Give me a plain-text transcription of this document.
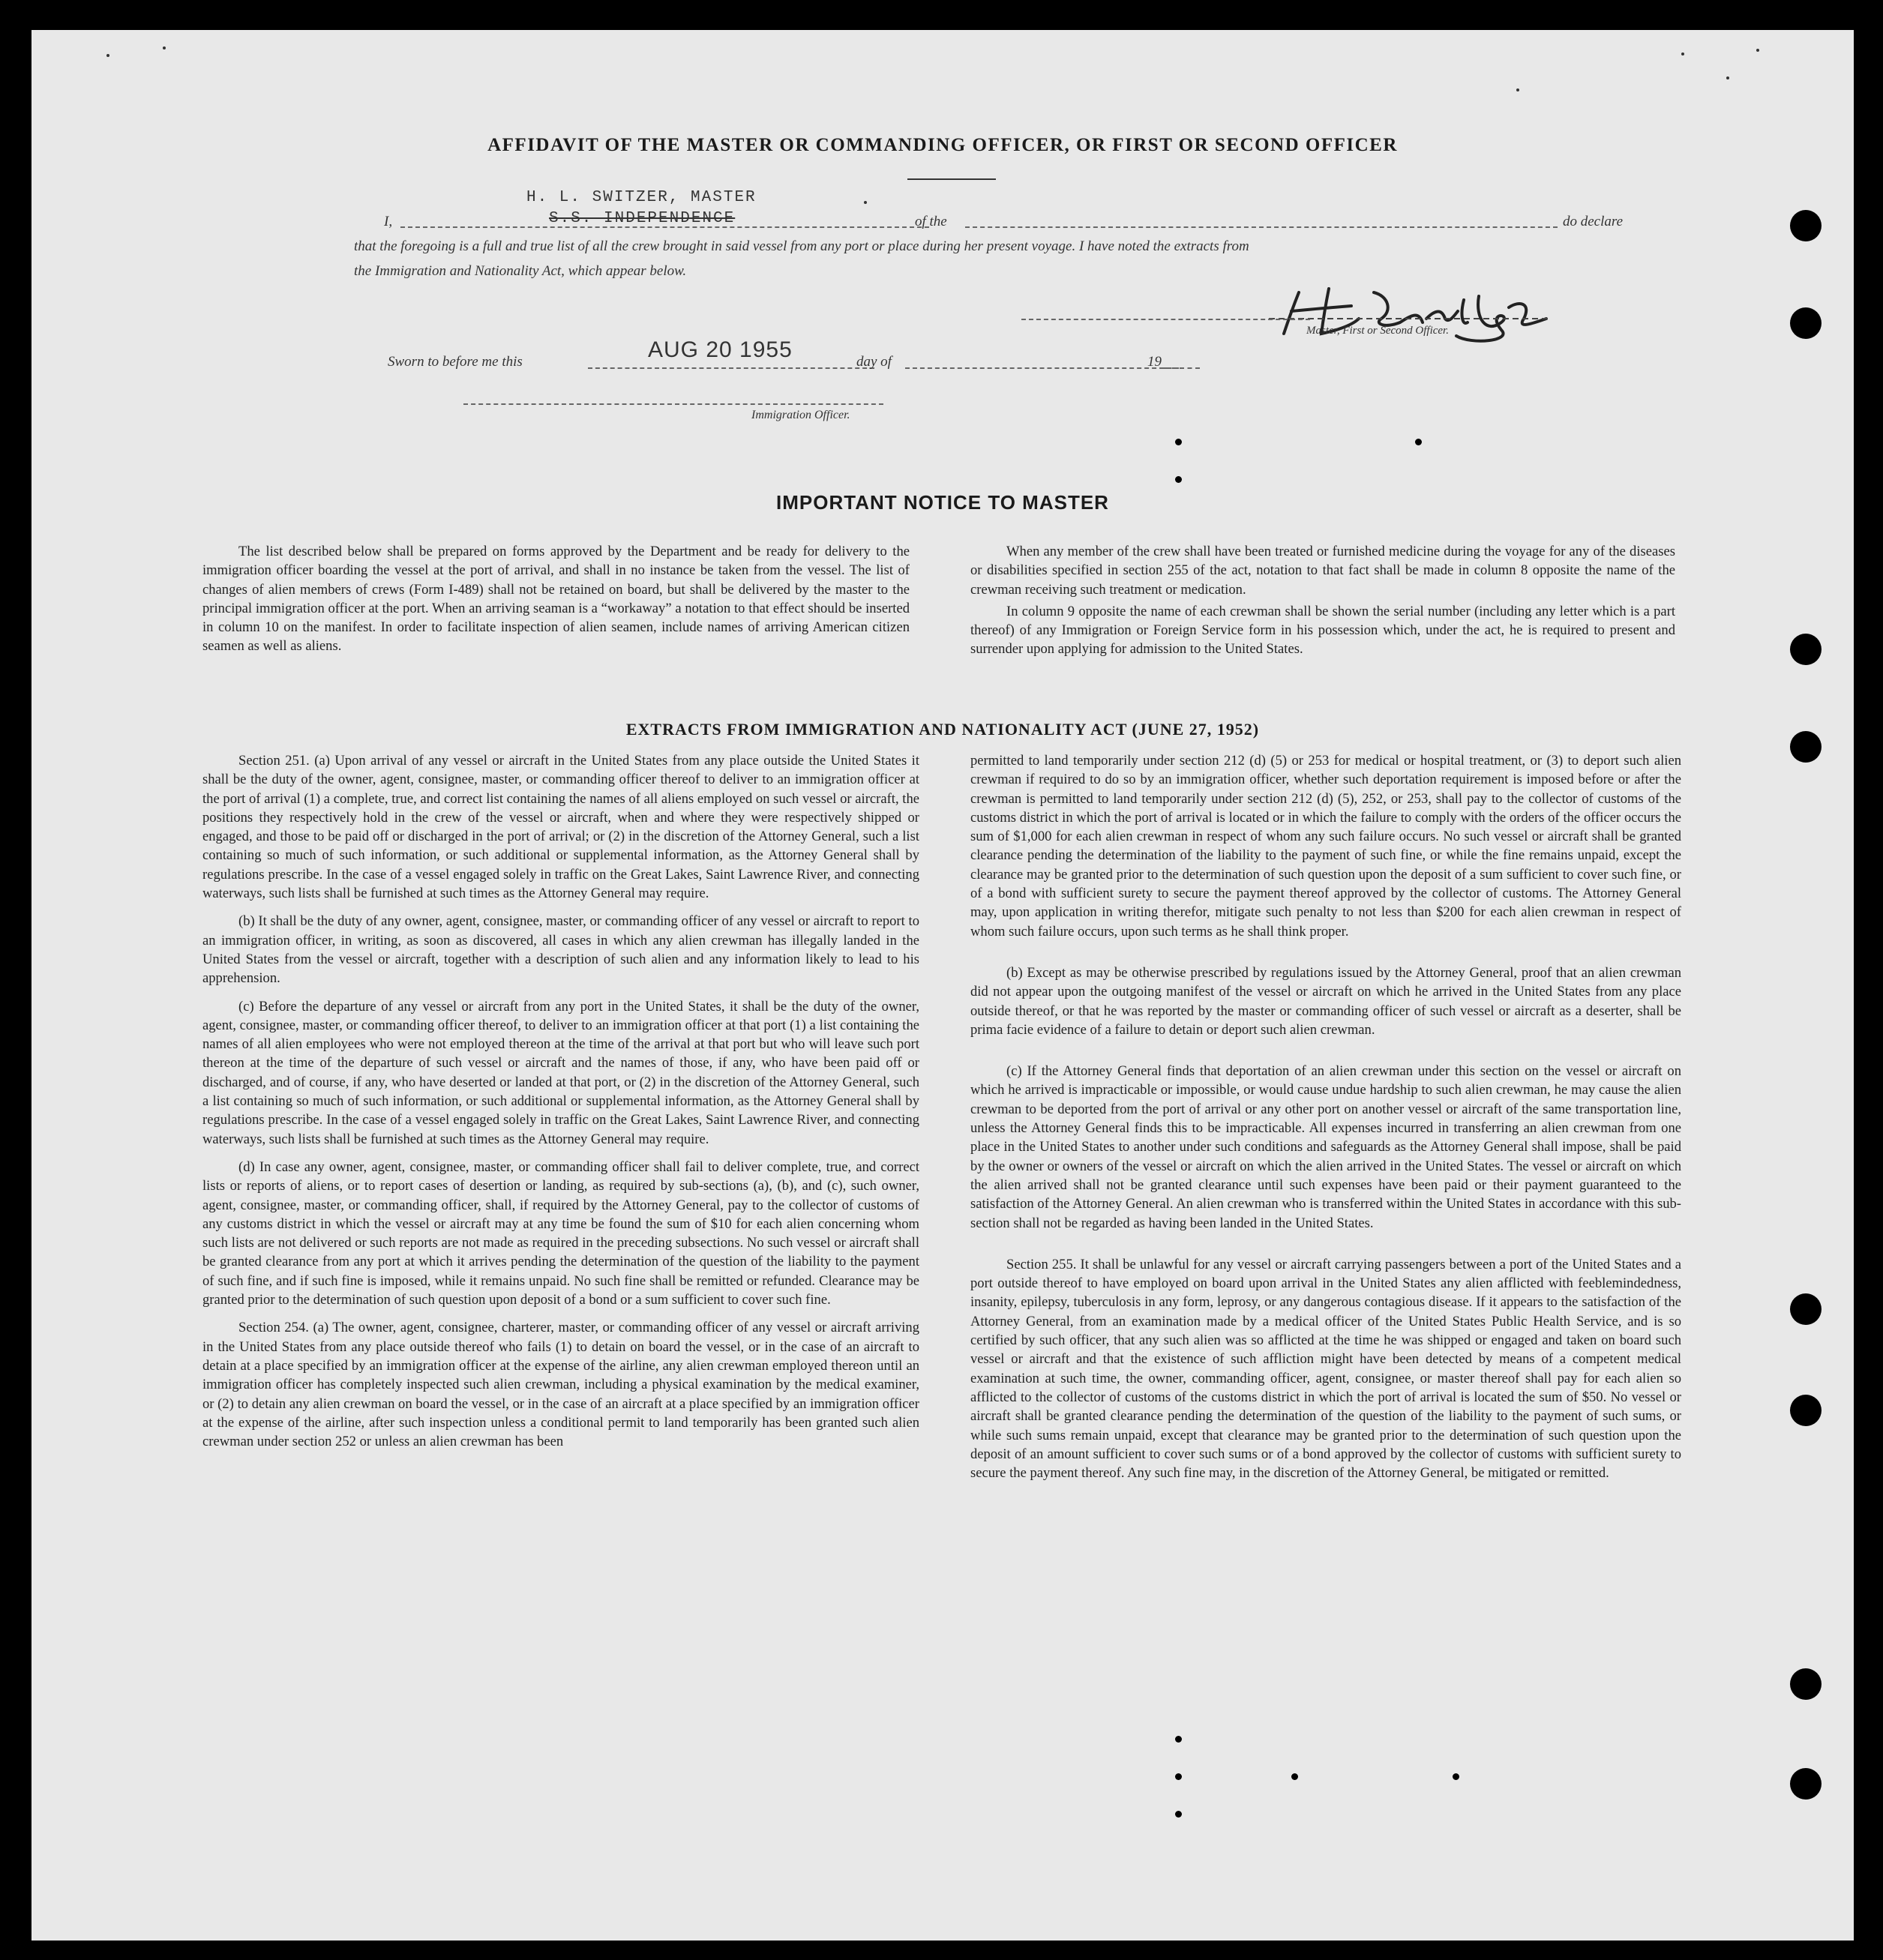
AFFIDAVIT OF THE MASTER OR COMMANDING OFFICER, OR FIRST OR SECOND OFFICER
I,
H. L. SWITZER, MASTER
S.S. INDEPENDENCE	of the	do declare
that the foregoing is a full and true list of all the crew brought in said vessel from any port or place during her present voyage. I have noted the extracts from
the Immigration and Nationality Act, which appear below.
Master, First or Second Officer.
Sworn to before me this	AUG 20 1955	day of	19
Immigration Officer.
IMPORTANT NOTICE TO MASTER

The list described below shall be prepared on forms approved by the Department and be ready for delivery to the immigration officer boarding the vessel at the port of arrival, and shall in no instance be taken from the vessel. The list of changes of alien members of crews (Form I-489) shall not be retained on board, but shall be delivered by the master to the principal immigration officer at the port. When an arriving seaman is a “workaway” a notation to that effect should be inserted in column 10 on the manifest. In order to facilitate inspection of alien seamen, include names of arriving American citizen seamen as well as aliens.

When any member of the crew shall have been treated or furnished medicine during the voyage for any of the diseases or disabilities specified in section 255 of the act, notation to that fact shall be made in column 8 opposite the name of the crewman receiving such treatment or medication.

In column 9 opposite the name of each crewman shall be shown the serial number (including any letter which is a part thereof) of any Immigration or Foreign Service form in his possession which, under the act, he is required to present and surrender upon applying for admission to the United States.

EXTRACTS FROM IMMIGRATION AND NATIONALITY ACT (JUNE 27, 1952)

Section 251. (a) Upon arrival of any vessel or aircraft in the United States from any place outside the United States it shall be the duty of the owner, agent, consignee, master, or commanding officer thereof to deliver to an immigration officer at the port of arrival (1) a complete, true, and correct list containing the names of all aliens employed on such vessel or aircraft, the positions they respectively hold in the crew of the vessel or aircraft, when and where they were respectively shipped or engaged, and those to be paid off or discharged in the port of arrival; or (2) in the discretion of the Attorney General, such a list containing so much of such information, or such additional or supplemental information, as the Attorney General shall by regulations prescribe. In the case of a vessel engaged solely in traffic on the Great Lakes, Saint Lawrence River, and connecting waterways, such lists shall be furnished at such times as the Attorney General may require.

(b) It shall be the duty of any owner, agent, consignee, master, or commanding officer of any vessel or aircraft to report to an immigration officer, in writing, as soon as discovered, all cases in which any alien crewman has illegally landed in the United States from the vessel or aircraft, together with a description of such alien and any information likely to lead to his apprehension.

(c) Before the departure of any vessel or aircraft from any port in the United States, it shall be the duty of the owner, agent, consignee, master, or commanding officer thereof, to deliver to an immigration officer at that port (1) a list containing the names of all alien employees who were not employed thereon at the time of the arrival at that port but who will leave such port thereon at the time of the departure of such vessel or aircraft and the names of those, if any, who have been paid off or discharged, and of course, if any, who have deserted or landed at that port, or (2) in the discretion of the Attorney General, such a list containing so much of such information, or such additional or supplemental information, as the Attorney General shall by regulations prescribe. In the case of a vessel engaged solely in traffic on the Great Lakes, Saint Lawrence River, and connecting waterways, such lists shall be furnished at such times as the Attorney General may require.

(d) In case any owner, agent, consignee, master, or commanding officer shall fail to deliver complete, true, and correct lists or reports of aliens, or to report cases of desertion or landing, as required by sub-sections (a), (b), and (c), such owner, agent, consignee, master, or commanding officer, shall, if required by the Attorney General, pay to the collector of customs of any customs district in which the vessel or aircraft may at any time be found the sum of $10 for each alien concerning whom such lists are not delivered or such reports are not made as required in the preceding subsections. No such vessel or aircraft shall be granted clearance from any port at which it arrives pending the determination of the question of the liability to the payment of such fine, and if such fine is imposed, while it remains unpaid. No such fine shall be remitted or refunded. Clearance may be granted prior to the determination of such question upon deposit of a bond or a sum sufficient to cover such fine.

Section 254. (a) The owner, agent, consignee, charterer, master, or commanding officer of any vessel or aircraft arriving in the United States from any place outside thereof who fails (1) to detain on board the vessel, or in the case of an aircraft to detain at a place specified by an immigration officer at the expense of the airline, any alien crewman employed thereon until an immigration officer has completely inspected such alien crewman, including a physical examination by the medical examiner, or (2) to detain any alien crewman on board the vessel, or in the case of an aircraft at a place specified by an immigration officer at the expense of the airline, after such inspection unless a conditional permit to land temporarily has been granted such alien crewman under section 252 or unless an alien crewman has been

permitted to land temporarily under section 212 (d) (5) or 253 for medical or hospital treatment, or (3) to deport such alien crewman if required to do so by an immigration officer, whether such deportation requirement is imposed before or after the crewman is permitted to land temporarily under section 212 (d) (5), 252, or 253, shall pay to the collector of customs of the customs district in which the port of arrival is located or in which the failure to comply with the orders of the officer occurs the sum of $1,000 for each alien crewman in respect of whom any such failure occurs. No such vessel or aircraft shall be granted clearance pending the determination of the liability to the payment of such fine, or while the fine remains unpaid, except the clearance may be granted prior to the determination of such question upon the deposit of a sum sufficient to cover such fine, or of a bond with sufficient surety to secure the payment thereof approved by the collector of customs. The Attorney General may, upon application in writing therefor, mitigate such penalty to not less than $200 for each alien crewman in respect of whom such failure occurs, upon such terms as he shall think proper.

(b) Except as may be otherwise prescribed by regulations issued by the Attorney General, proof that an alien crewman did not appear upon the outgoing manifest of the vessel or aircraft on which he arrived in the United States from any place outside thereof, or that he was reported by the master or commanding officer of such vessel or aircraft as a deserter, shall be prima facie evidence of a failure to detain or deport such alien crewman.

(c) If the Attorney General finds that deportation of an alien crewman under this section on the vessel or aircraft on which he arrived is impracticable or impossible, or would cause undue hardship to such alien crewman, he may cause the alien crewman to be deported from the port of arrival or any other port on another vessel or aircraft of the same transportation line, unless the Attorney General finds this to be impracticable. All expenses incurred in transferring an alien crewman from one place in the United States to another under such conditions and safeguards as the Attorney General shall impose, shall be paid by the owner or owners of the vessel or aircraft on which the alien arrived in the United States. The vessel or aircraft on which the alien arrived shall not be granted clearance until such expenses have been paid or their payment guaranteed to the satisfaction of the Attorney General. An alien crewman who is transferred within the United States in accordance with this sub-section shall not be regarded as having been landed in the United States.

Section 255. It shall be unlawful for any vessel or aircraft carrying passengers between a port of the United States and a port outside thereof to have employed on board upon arrival in the United States any alien afflicted with feeblemindedness, insanity, epilepsy, tuberculosis in any form, leprosy, or any dangerous contagious disease. If it appears to the satisfaction of the Attorney General, from an examination made by a medical officer of the United States Public Health Service, and is so certified by such officer, that any such alien was so afflicted at the time he was shipped or engaged and taken on board such vessel or aircraft and that the existence of such affliction might have been detected by means of a competent medical examination at such time, the owner, commanding officer, agent, consignee, or master thereof shall pay for each alien so afflicted to the collector of customs of the customs district in which the port of arrival is located the sum of $50. No vessel or aircraft shall be granted clearance pending the determination of the question of the liability to the payment of such sums, or while such sums remain unpaid, except that clearance may be granted prior to the determination of such question upon the deposit of an amount sufficient to cover such sums or of a bond approved by the collector of customs with sufficient surety to secure the payment thereof. Any such fine may, in the discretion of the Attorney General, be mitigated or remitted.
